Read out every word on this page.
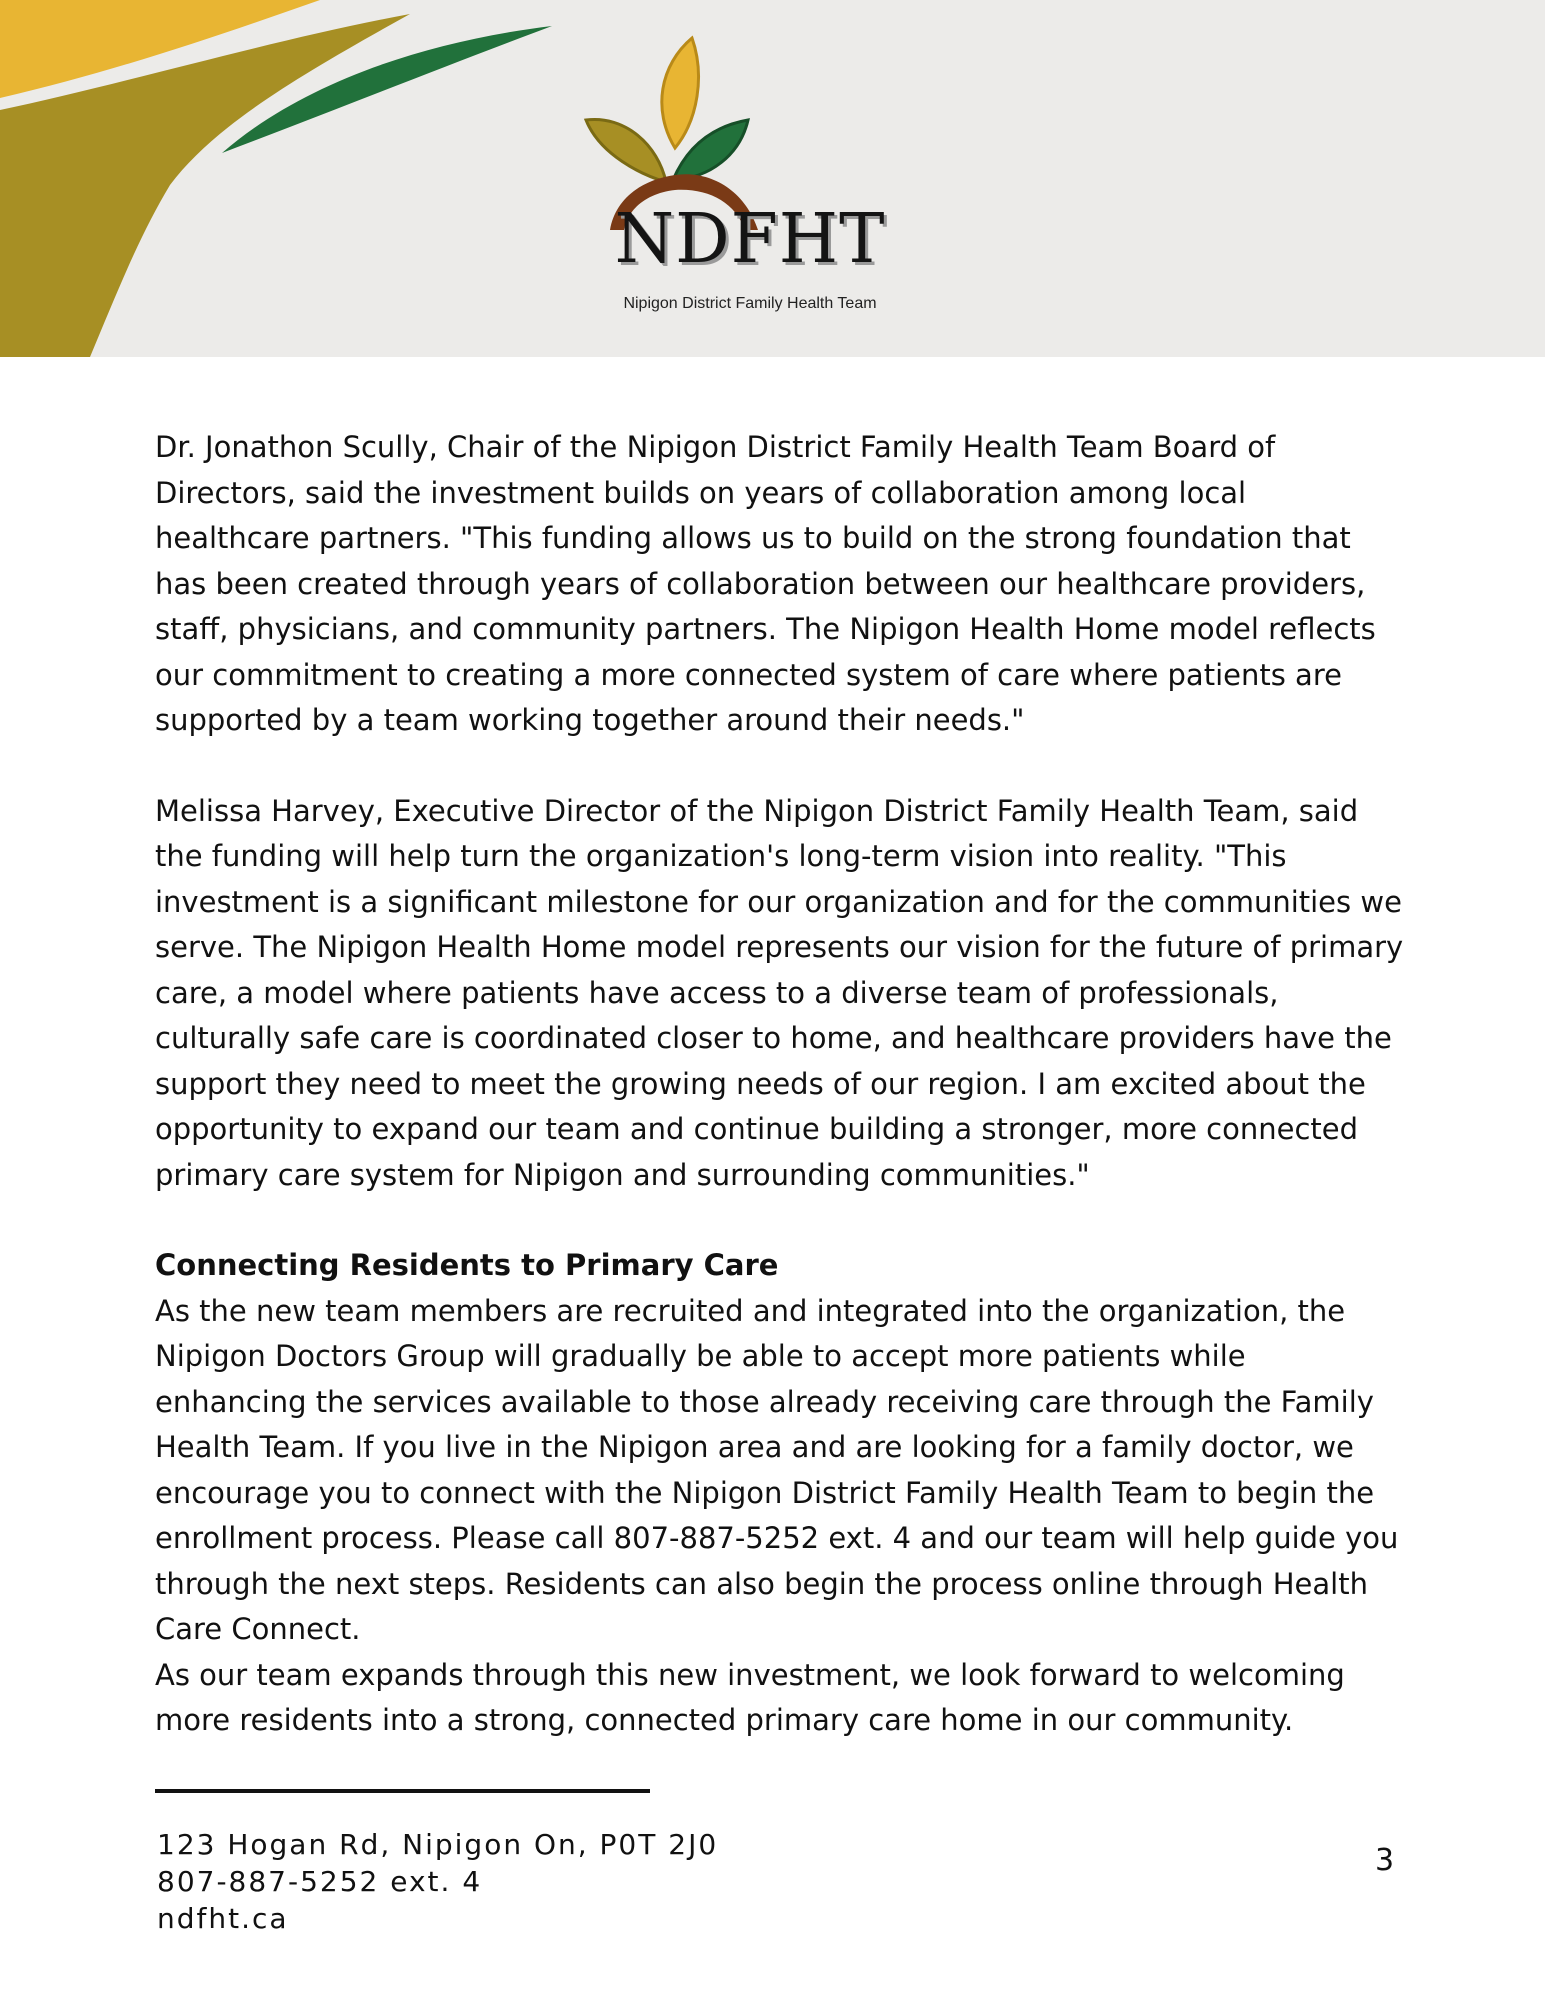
NDFHT
Nipigon District Family Health Team

Dr. Jonathon Scully, Chair of the Nipigon District Family Health Team Board of Directors, said the investment builds on years of collaboration among local healthcare partners. "This funding allows us to build on the strong foundation that has been created through years of collaboration between our healthcare providers, staff, physicians, and community partners. The Nipigon Health Home model reflects our commitment to creating a more connected system of care where patients are supported by a team working together around their needs."

Melissa Harvey, Executive Director of the Nipigon District Family Health Team, said the funding will help turn the organization's long-term vision into reality. "This investment is a significant milestone for our organization and for the communities we serve. The Nipigon Health Home model represents our vision for the future of primary care, a model where patients have access to a diverse team of professionals, culturally safe care is coordinated closer to home, and healthcare providers have the support they need to meet the growing needs of our region. I am excited about the opportunity to expand our team and continue building a stronger, more connected primary care system for Nipigon and surrounding communities."

Connecting Residents to Primary Care

As the new team members are recruited and integrated into the organization, the Nipigon Doctors Group will gradually be able to accept more patients while enhancing the services available to those already receiving care through the Family Health Team. If you live in the Nipigon area and are looking for a family doctor, we encourage you to connect with the Nipigon District Family Health Team to begin the enrollment process. Please call 807-887-5252 ext. 4 and our team will help guide you through the next steps. Residents can also begin the process online through Health Care Connect.

As our team expands through this new investment, we look forward to welcoming more residents into a strong, connected primary care home in our community.

123 Hogan Rd, Nipigon On, P0T 2J0
807-887-5252 ext. 4
ndfht.ca
3
